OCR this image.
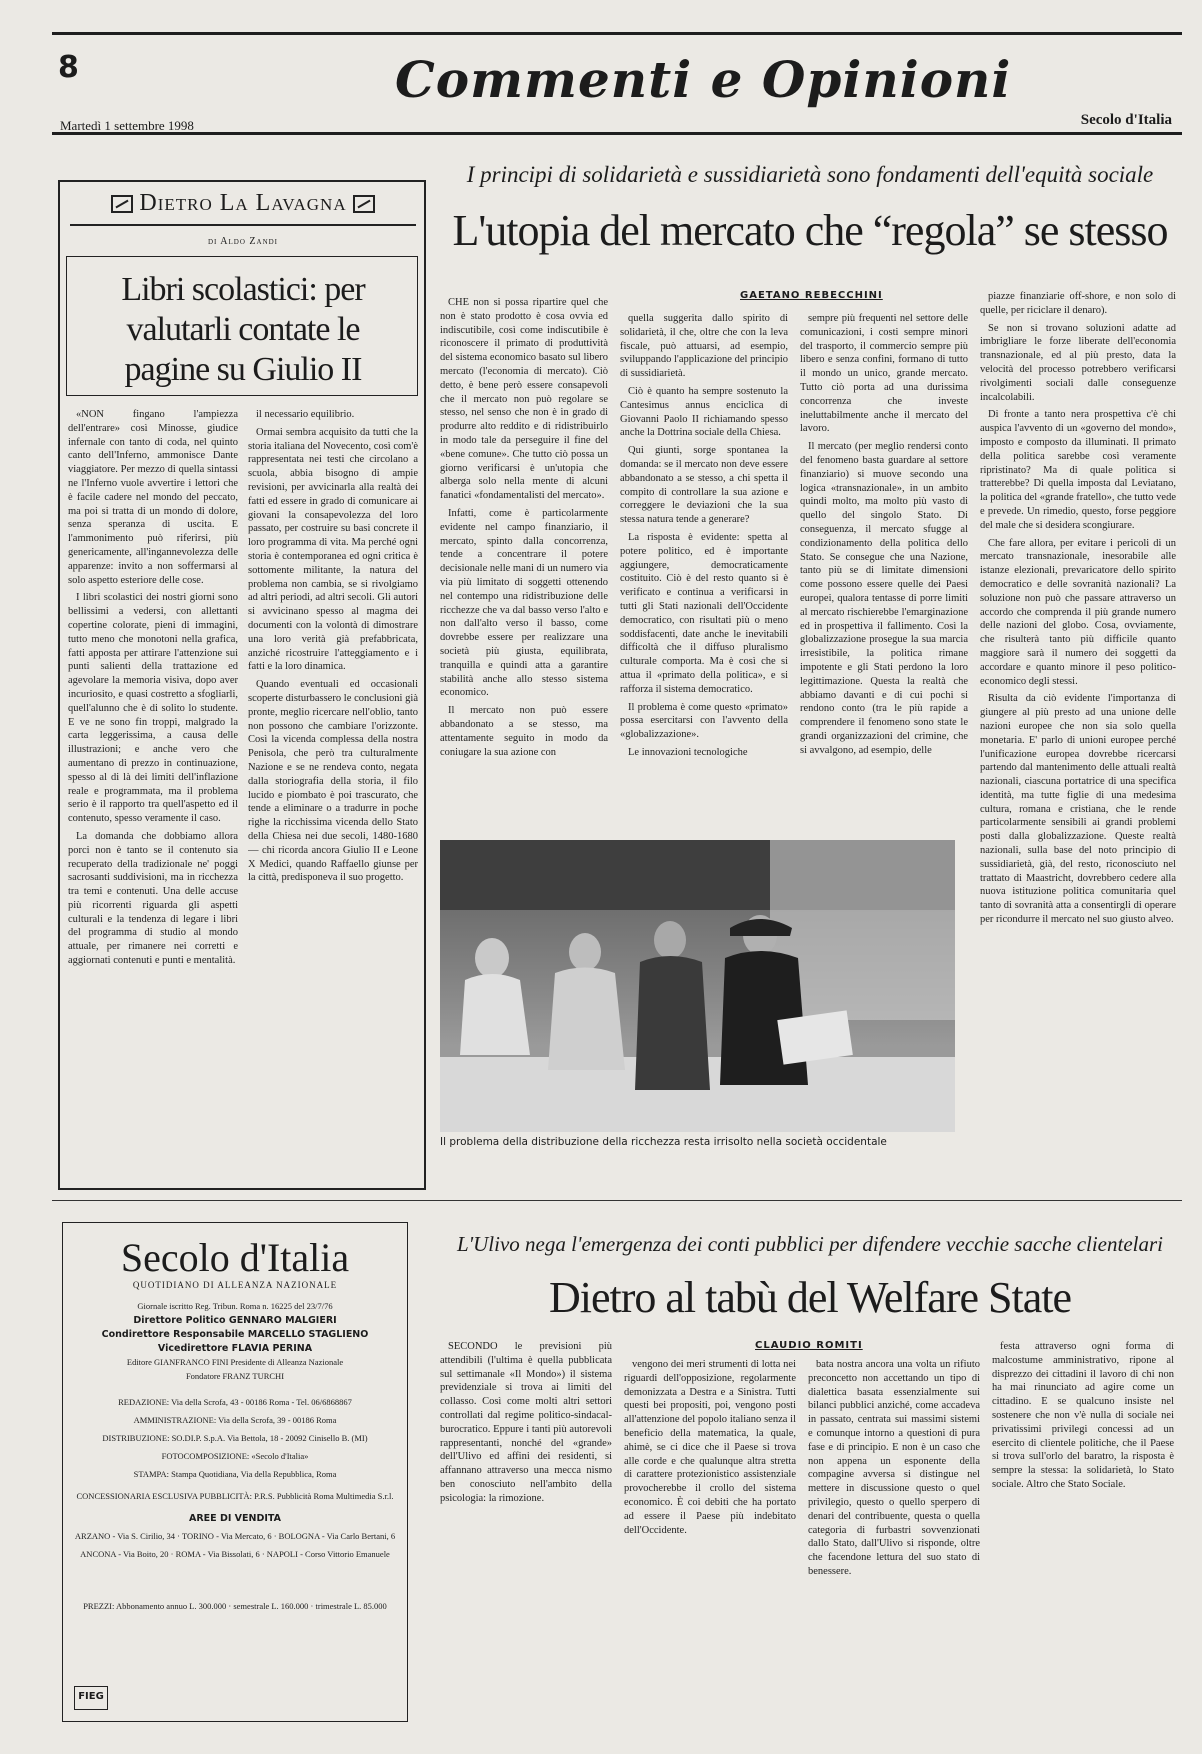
8	Commenti e Opinioni
Martedì 1 settembre 1998	Secolo d'Italia
Dietro La Lavagna
di Aldo Zandi
Libri scolastici: per valutarli contate le pagine su Giulio II

«NON fingano l'ampiezza dell'entrare» così Minosse, giudice infernale con tanto di coda, nel quinto canto dell'Inferno, ammonisce Dante viaggiatore. Per mezzo di quella sintassi ne l'Inferno vuole avvertire i lettori che è facile cadere nel mondo del peccato, ma poi si tratta di un mondo di dolore, senza speranza di uscita. E l'ammonimento può riferirsi, più genericamente, all'ingannevolezza delle apparenze: invito a non soffermarsi al solo aspetto esteriore delle cose.

I libri scolastici dei nostri giorni sono bellissimi a vedersi, con allettanti copertine colorate, pieni di immagini, tutto meno che monotoni nella grafica, fatti apposta per attirare l'attenzione sui punti salienti della trattazione ed agevolare la memoria visiva, dopo aver incuriosito, e quasi costretto a sfogliarli, quell'alunno che è di solito lo studente. E ve ne sono fin troppi, malgrado la carta leggerissima, a causa delle illustrazioni; e anche vero che aumentano di prezzo in continuazione, spesso al di là dei limiti dell'inflazione reale e programmata, ma il problema serio è il rapporto tra quell'aspetto ed il contenuto, spesso veramente il caso.

La domanda che dobbiamo allora porci non è tanto se il contenuto sia recuperato della tradizionale ne' poggi sacrosanti suddivisioni, ma in ricchezza tra temi e contenuti. Una delle accuse più ricorrenti riguarda gli aspetti culturali e la tendenza di legare i libri del programma di studio al mondo attuale, per rimanere nei corretti e aggiornati contenuti e punti e mentalità.

il necessario equilibrio.

Ormai sembra acquisito da tutti che la storia italiana del Novecento, così com'è rappresentata nei testi che circolano a scuola, abbia bisogno di ampie revisioni, per avvicinarla alla realtà dei fatti ed essere in grado di comunicare ai giovani la consapevolezza del loro passato, per costruire su basi concrete il loro programma di vita. Ma perché ogni storia è contemporanea ed ogni critica è sottomente militante, la natura del problema non cambia, se si rivolgiamo ad altri periodi, ad altri secoli. Gli autori si avvicinano spesso al magma dei documenti con la volontà di dimostrare una loro verità già prefabbricata, anziché ricostruire l'atteggiamento e i fatti e la loro dinamica.

Quando eventuali ed occasionali scoperte disturbassero le conclusioni già pronte, meglio ricercare nell'oblio, tanto non possono che cambiare l'orizzonte. Così la vicenda complessa della nostra Penisola, che però tra culturalmente Nazione e se ne rendeva conto, negata dalla storiografia della storia, il filo lucido e piombato è poi trascurato, che tende a eliminare o a tradurre in poche righe la ricchissima vicenda dello Stato della Chiesa nei due secoli, 1480-1680 — chi ricorda ancora Giulio II e Leone X Medici, quando Raffaello giunse per la città, predisponeva il suo progetto.

I principi di solidarietà e sussidiarietà sono fondamenti dell'equità sociale
L'utopia del mercato che “regola” se stesso
GAETANO REBECCHINI

CHE non si possa ripartire quel che non è stato prodotto è cosa ovvia ed indiscutibile, così come indiscutibile è riconoscere il primato di produttività del sistema economico basato sul libero mercato (l'economia di mercato). Ciò detto, è bene però essere consapevoli che il mercato non può regolare se stesso, nel senso che non è in grado di produrre alto reddito e di ridistribuirlo in modo tale da perseguire il fine del «bene comune». Che tutto ciò possa un giorno verificarsi è un'utopia che alberga solo nella mente di alcuni fanatici «fondamentalisti del mercato».

Infatti, come è particolarmente evidente nel campo finanziario, il mercato, spinto dalla concorrenza, tende a concentrare il potere decisionale nelle mani di un numero via via più limitato di soggetti ottenendo nel contempo una ridistribuzione delle ricchezze che va dal basso verso l'alto e non dall'alto verso il basso, come dovrebbe essere per realizzare una società più giusta, equilibrata, tranquilla e quindi atta a garantire stabilità anche allo stesso sistema economico.

Il mercato non può essere abbandonato a se stesso, ma attentamente seguito in modo da coniugare la sua azione con

quella suggerita dallo spirito di solidarietà, il che, oltre che con la leva fiscale, può attuarsi, ad esempio, sviluppando l'applicazione del principio di sussidiarietà.

Ciò è quanto ha sempre sostenuto la Cantesimus annus enciclica di Giovanni Paolo II richiamando spesso anche la Dottrina sociale della Chiesa.

Qui giunti, sorge spontanea la domanda: se il mercato non deve essere abbandonato a se stesso, a chi spetta il compito di controllare la sua azione e correggere le deviazioni che la sua stessa natura tende a generare?

La risposta è evidente: spetta al potere politico, ed è importante aggiungere, democraticamente costituito. Ciò è del resto quanto si è verificato e continua a verificarsi in tutti gli Stati nazionali dell'Occidente democratico, con risultati più o meno soddisfacenti, date anche le inevitabili difficoltà che il diffuso pluralismo culturale comporta. Ma è così che si attua il «primato della politica», e si rafforza il sistema democratico.

Il problema è come questo «primato» possa esercitarsi con l'avvento della «globalizzazione».

Le innovazioni tecnologiche

sempre più frequenti nel settore delle comunicazioni, i costi sempre minori del trasporto, il commercio sempre più libero e senza confini, formano di tutto il mondo un unico, grande mercato. Tutto ciò porta ad una durissima concorrenza che investe ineluttabilmente anche il mercato del lavoro.

Il mercato (per meglio rendersi conto del fenomeno basta guardare al settore finanziario) si muove secondo una logica «transnazionale», in un ambito quindi molto, ma molto più vasto di quello del singolo Stato. Di conseguenza, il mercato sfugge al condizionamento della politica dello Stato. Se consegue che una Nazione, tanto più se di limitate dimensioni come possono essere quelle dei Paesi europei, qualora tentasse di porre limiti al mercato rischierebbe l'emarginazione ed in prospettiva il fallimento. Così la globalizzazione prosegue la sua marcia irresistibile, la politica rimane impotente e gli Stati perdono la loro legittimazione. Questa la realtà che abbiamo davanti e di cui pochi si rendono conto (tra le più rapide a comprendere il fenomeno sono state le grandi organizzazioni del crimine, che si avvalgono, ad esempio, delle

piazze finanziarie off-shore, e non solo di quelle, per riciclare il denaro).

Se non si trovano soluzioni adatte ad imbrigliare le forze liberate dell'economia transnazionale, ed al più presto, data la velocità del processo potrebbero verificarsi rivolgimenti sociali dalle conseguenze incalcolabili.

Di fronte a tanto nera prospettiva c'è chi auspica l'avvento di un «governo del mondo», imposto e composto da illuminati. Il primato della politica sarebbe così veramente ripristinato? Ma di quale politica si tratterebbe? Di quella imposta dal Leviatano, la politica del «grande fratello», che tutto vede e prevede. Un rimedio, questo, forse peggiore del male che si desidera scongiurare.

Che fare allora, per evitare i pericoli di un mercato transnazionale, inesorabile alle istanze elezionali, prevaricatore dello spirito democratico e delle sovranità nazionali? La soluzione non può che passare attraverso un accordo che comprenda il più grande numero delle nazioni del globo. Cosa, ovviamente, che risulterà tanto più difficile quanto maggiore sarà il numero dei soggetti da accordare e quanto minore il peso politico-economico degli stessi.

Risulta da ciò evidente l'importanza di giungere al più presto ad una unione delle nazioni europee che non sia solo quella monetaria. E' parlo di unioni europee perché l'unificazione europea dovrebbe ricercarsi partendo dal mantenimento delle attuali realtà nazionali, ciascuna portatrice di una specifica identità, ma tutte figlie di una medesima cultura, romana e cristiana, che le rende particolarmente sensibili ai grandi problemi posti dalla globalizzazione. Queste realtà nazionali, sulla base del noto principio di sussidiarietà, già, del resto, riconosciuto nel trattato di Maastricht, dovrebbero cedere alla nuova istituzione politica comunitaria quel tanto di sovranità atta a consentirgli di operare per ricondurre il mercato nel suo giusto alveo.

Il problema della distribuzione della ricchezza resta irrisolto nella società occidentale
Secolo d'Italia
QUOTIDIANO DI ALLEANZA NAZIONALE
Giornale iscritto Reg. Tribun. Roma n. 16225 del 23/7/76
Direttore Politico GENNARO MALGIERI
Condirettore Responsabile MARCELLO STAGLIENO
Vicedirettore FLAVIA PERINA
Editore GIANFRANCO FINI Presidente di Alleanza Nazionale
Fondatore FRANZ TURCHI
REDAZIONE: Via della Scrofa, 43 - 00186 Roma - Tel. 06/6868867
AMMINISTRAZIONE: Via della Scrofa, 39 - 00186 Roma
DISTRIBUZIONE: SO.DI.P. S.p.A. Via Bettola, 18 - 20092 Cinisello B. (MI)
FOTOCOMPOSIZIONE: «Secolo d'Italia»
STAMPA: Stampa Quotidiana, Via della Repubblica, Roma
CONCESSIONARIA ESCLUSIVA PUBBLICITÀ: P.R.S. Pubblicità Roma Multimedia S.r.l.
AREE DI VENDITA
ARZANO - Via S. Cirilio, 34 · TORINO - Via Mercato, 6 · BOLOGNA - Via Carlo Bertani, 6
ANCONA - Via Boito, 20 · ROMA - Via Bissolati, 6 · NAPOLI - Corso Vittorio Emanuele
PREZZI: Abbonamento annuo L. 300.000 · semestrale L. 160.000 · trimestrale L. 85.000
FIEG
L'Ulivo nega l'emergenza dei conti pubblici per difendere vecchie sacche clientelari
Dietro al tabù del Welfare State
CLAUDIO ROMITI

SECONDO le previsioni più attendibili (l'ultima è quella pubblicata sul settimanale «Il Mondo») il sistema previdenziale si trova ai limiti del collasso. Così come molti altri settori controllati dal regime politico-sindacal-burocratico. Eppure i tanti più autorevoli rappresentanti, nonché del «grande» dell'Ulivo ed affini dei residenti, si affannano attraverso una mecca nismo ben conosciuto nell'ambito della psicologia: la rimozione.

vengono dei meri strumenti di lotta nei riguardi dell'opposizione, regolarmente demonizzata a Destra e a Sinistra. Tutti questi bei propositi, poi, vengono posti all'attenzione del popolo italiano senza il beneficio della matematica, la quale, ahimè, se ci dice che il Paese si trova alle corde e che qualunque altra stretta di carattere protezionistico assistenziale provocherebbe il crollo del sistema economico. È coi debiti che ha portato ad essere il Paese più indebitato dell'Occidente.

bata nostra ancora una volta un rifiuto preconcetto non accettando un tipo di dialettica basata essenzialmente sui bilanci pubblici anziché, come accadeva in passato, centrata sui massimi sistemi e comunque intorno a questioni di pura fase e di principio. E non è un caso che non appena un esponente della compagine avversa si distingue nel mettere in discussione questo o quel privilegio, questo o quello sperpero di denari del contribuente, questa o quella categoria di furbastri sovvenzionati dallo Stato, dall'Ulivo si risponde, oltre che facendone lettura del suo stato di benessere.

festa attraverso ogni forma di malcostume amministrativo, ripone al disprezzo dei cittadini il lavoro di chi non ha mai rinunciato ad agire come un cittadino. E se qualcuno insiste nel sostenere che non v'è nulla di sociale nei privatissimi privilegi concessi ad un esercito di clientele politiche, che il Paese si trova sull'orlo del baratro, la risposta è sempre la stessa: la solidarietà, lo Stato sociale. Altro che Stato Sociale.
